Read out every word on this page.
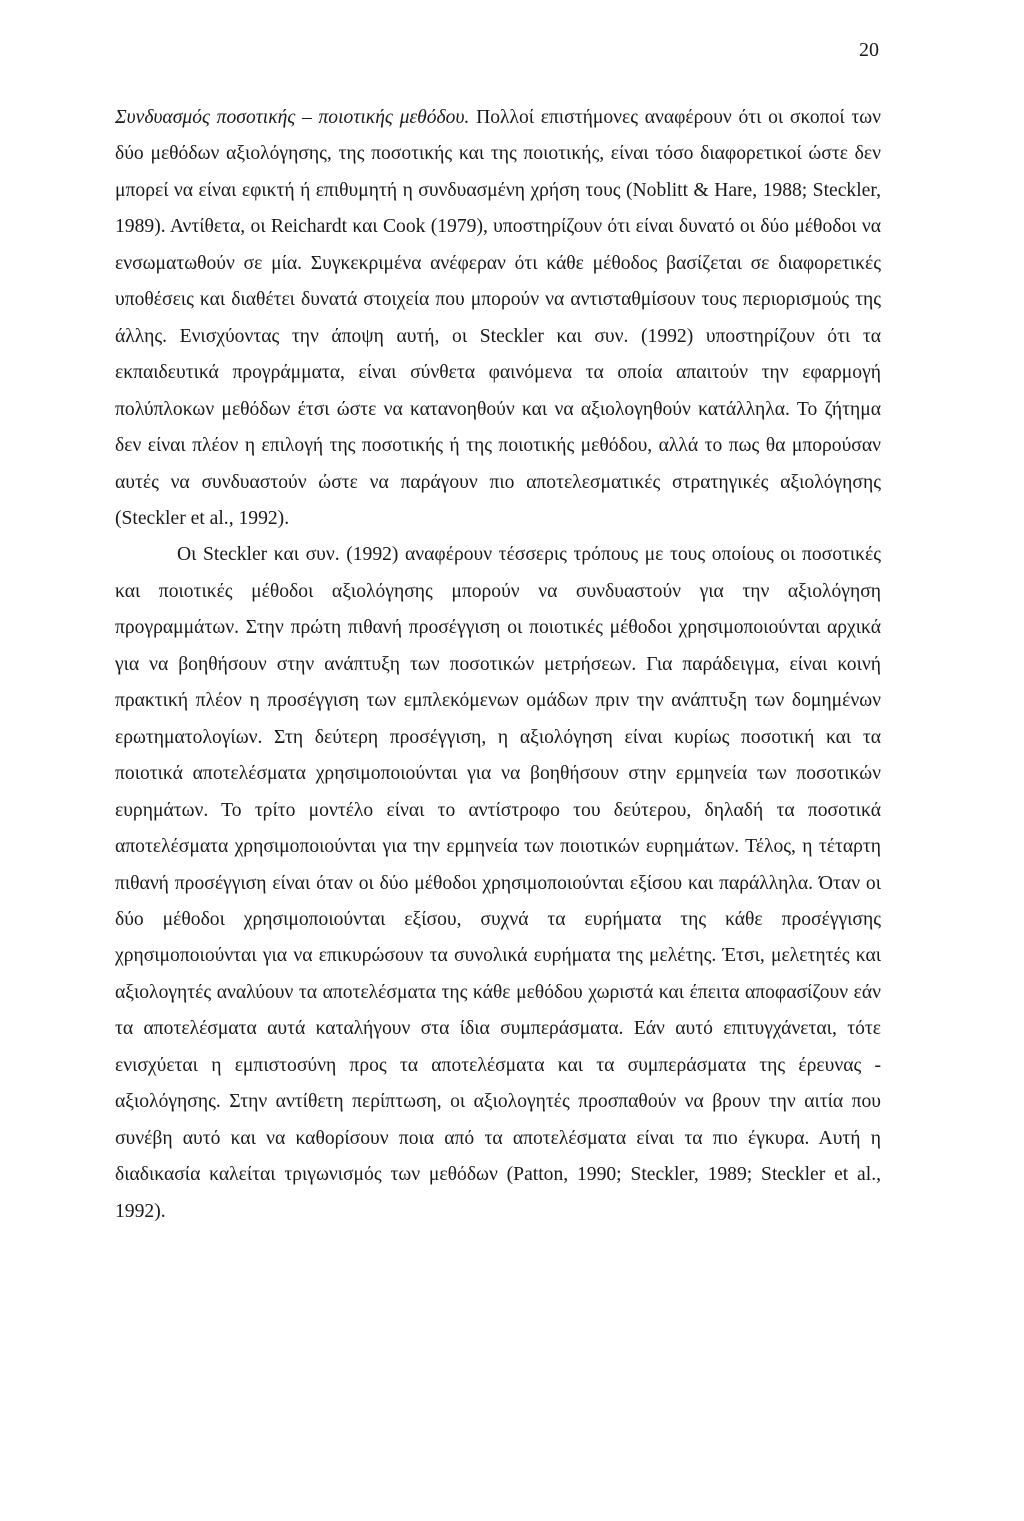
20

Συνδυασμός ποσοτικής – ποιοτικής μεθόδου. Πολλοί επιστήμονες αναφέρουν ότι οι σκοποί των δύο μεθόδων αξιολόγησης, της ποσοτικής και της ποιοτικής, είναι τόσο διαφορετικοί ώστε δεν μπορεί να είναι εφικτή ή επιθυμητή η συνδυασμένη χρήση τους (Noblitt & Hare, 1988; Steckler, 1989). Αντίθετα, οι Reichardt και Cook (1979), υποστηρίζουν ότι είναι δυνατό οι δύο μέθοδοι να ενσωματωθούν σε μία. Συγκεκριμένα ανέφεραν ότι κάθε μέθοδος βασίζεται σε διαφορετικές υποθέσεις και διαθέτει δυνατά στοιχεία που μπορούν να αντισταθμίσουν τους περιορισμούς της άλλης. Ενισχύοντας την άποψη αυτή, οι Steckler και συν. (1992) υποστηρίζουν ότι τα εκπαιδευτικά προγράμματα, είναι σύνθετα φαινόμενα τα οποία απαιτούν την εφαρμογή πολύπλοκων μεθόδων έτσι ώστε να κατανοηθούν και να αξιολογηθούν κατάλληλα. Το ζήτημα δεν είναι πλέον η επιλογή της ποσοτικής ή της ποιοτικής μεθόδου, αλλά το πως θα μπορούσαν αυτές να συνδυαστούν ώστε να παράγουν πιο αποτελεσματικές στρατηγικές αξιολόγησης (Steckler et al., 1992).

Οι Steckler και συν. (1992) αναφέρουν τέσσερις τρόπους με τους οποίους οι ποσοτικές και ποιοτικές μέθοδοι αξιολόγησης μπορούν να συνδυαστούν για την αξιολόγηση προγραμμάτων. Στην πρώτη πιθανή προσέγγιση οι ποιοτικές μέθοδοι χρησιμοποιούνται αρχικά για να βοηθήσουν στην ανάπτυξη των ποσοτικών μετρήσεων. Για παράδειγμα, είναι κοινή πρακτική πλέον η προσέγγιση των εμπλεκόμενων ομάδων πριν την ανάπτυξη των δομημένων ερωτηματολογίων. Στη δεύτερη προσέγγιση, η αξιολόγηση είναι κυρίως ποσοτική και τα ποιοτικά αποτελέσματα χρησιμοποιούνται για να βοηθήσουν στην ερμηνεία των ποσοτικών ευρημάτων. Το τρίτο μοντέλο είναι το αντίστροφο του δεύτερου, δηλαδή τα ποσοτικά αποτελέσματα χρησιμοποιούνται για την ερμηνεία των ποιοτικών ευρημάτων. Τέλος, η τέταρτη πιθανή προσέγγιση είναι όταν οι δύο μέθοδοι χρησιμοποιούνται εξίσου και παράλληλα. Όταν οι δύο μέθοδοι χρησιμοποιούνται εξίσου, συχνά τα ευρήματα της κάθε προσέγγισης χρησιμοποιούνται για να επικυρώσουν τα συνολικά ευρήματα της μελέτης. Έτσι, μελετητές και αξιολογητές αναλύουν τα αποτελέσματα της κάθε μεθόδου χωριστά και έπειτα αποφασίζουν εάν τα αποτελέσματα αυτά καταλήγουν στα ίδια συμπεράσματα. Εάν αυτό επιτυγχάνεται, τότε ενισχύεται η εμπιστοσύνη προς τα αποτελέσματα και τα συμπεράσματα της έρευνας - αξιολόγησης. Στην αντίθετη περίπτωση, οι αξιολογητές προσπαθούν να βρουν την αιτία που συνέβη αυτό και να καθορίσουν ποια από τα αποτελέσματα είναι τα πιο έγκυρα. Αυτή η διαδικασία καλείται τριγωνισμός των μεθόδων (Patton, 1990; Steckler, 1989; Steckler et al., 1992).
